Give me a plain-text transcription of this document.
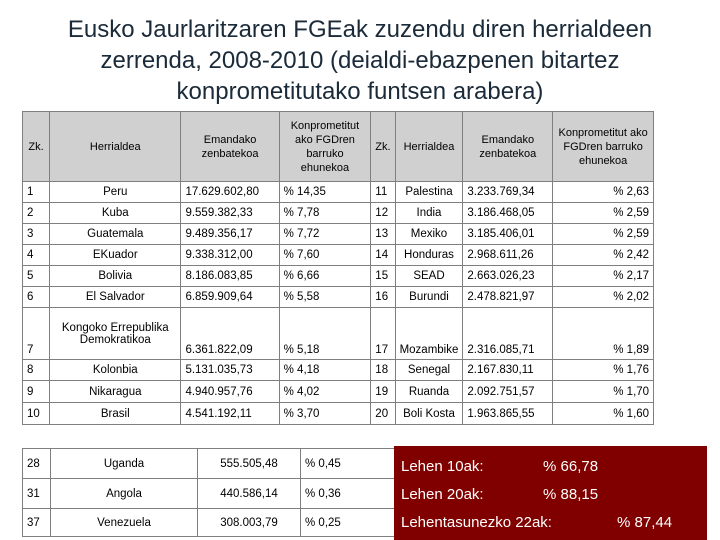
Eusko Jaurlaritzaren FGEak zuzendu diren herrialdeen zerrenda, 2008-2010 (deialdi-ebazpenen bitartez konprometitutako funtsen arabera)
Zk.	Herrialdea	Emandako zenbatekoa	Konprometitut ako FGDren barruko ehunekoa	Zk.	Herrialdea	Emandako zenbatekoa	Konprometitut ako FGDren barruko ehunekoa
1	Peru	17.629.602,80	% 14,35	11	Palestina	3.233.769,34	% 2,63
2	Kuba	9.559.382,33	% 7,78	12	India	3.186.468,05	% 2,59
3	Guatemala	9.489.356,17	% 7,72	13	Mexiko	3.185.406,01	% 2,59
4	EKuador	9.338.312,00	% 7,60	14	Honduras	2.968.611,26	% 2,42
5	Bolivia	8.186.083,85	% 6,66	15	SEAD	2.663.026,23	% 2,17
6	El Salvador	6.859.909,64	% 5,58	16	Burundi	2.478.821,97	% 2,02
7	Kongoko Errepublika Demokratikoa	6.361.822,09	% 5,18	17	Mozambike	2.316.085,71	% 1,89
8	Kolonbia	5.131.035,73	% 4,18	18	Senegal	2.167.830,11	% 1,76
9	Nikaragua	4.940.957,76	% 4,02	19	Ruanda	2.092.751,57	% 1,70
10	Brasil	4.541.192,11	% 3,70	20	Boli Kosta	1.963.865,55	% 1,60
28	Uganda	555.505,48	% 0,45
31	Angola	440.586,14	% 0,36
37	Venezuela	308.003,79	% 0,25
Lehen 10ak:	% 66,78
Lehen 20ak:	% 88,15
Lehentasunezko 22ak:	% 87,44
